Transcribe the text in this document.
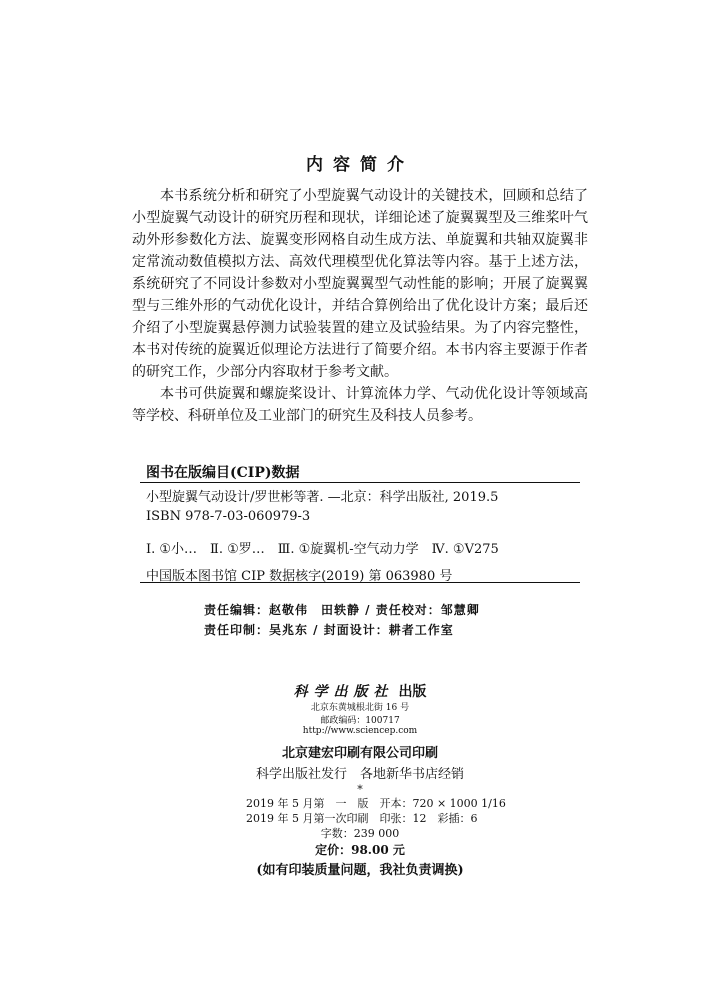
内容简介

本书系统分析和研究了小型旋翼气动设计的关键技术，回顾和总结了小型旋翼气动设计的研究历程和现状，详细论述了旋翼翼型及三维桨叶气动外形参数化方法、旋翼变形网格自动生成方法、单旋翼和共轴双旋翼非定常流动数值模拟方法、高效代理模型优化算法等内容。基于上述方法，系统研究了不同设计参数对小型旋翼翼型气动性能的影响；开展了旋翼翼型与三维外形的气动优化设计，并结合算例给出了优化设计方案；最后还介绍了小型旋翼悬停测力试验装置的建立及试验结果。为了内容完整性，本书对传统的旋翼近似理论方法进行了简要介绍。本书内容主要源于作者的研究工作，少部分内容取材于参考文献。

本书可供旋翼和螺旋桨设计、计算流体力学、气动优化设计等领域高等学校、科研单位及工业部门的研究生及科技人员参考。

图书在版编目(CIP)数据
小型旋翼气动设计/罗世彬等著. —北京：科学出版社, 2019.5
ISBN 978-7-03-060979-3
Ⅰ. ①小…　Ⅱ. ①罗…　Ⅲ. ①旋翼机-空气动力学　Ⅳ. ①V275
中国版本图书馆 CIP 数据核字(2019) 第 063980 号
责任编辑：赵敬伟　田轶静 / 责任校对：邹慧卿
责任印制：吴兆东 / 封面设计：耕者工作室
科学出版社 出版
北京东黄城根北街 16 号
邮政编码：100717
http://www.sciencep.com
北京建宏印刷有限公司印刷
科学出版社发行　各地新华书店经销
*
2019 年 5 月第　一　版　开本：720 × 1000 1/16
2019 年 5 月第一次印刷　印张：12　彩插：6
字数：239 000
定价：98.00 元
(如有印装质量问题，我社负责调换)
